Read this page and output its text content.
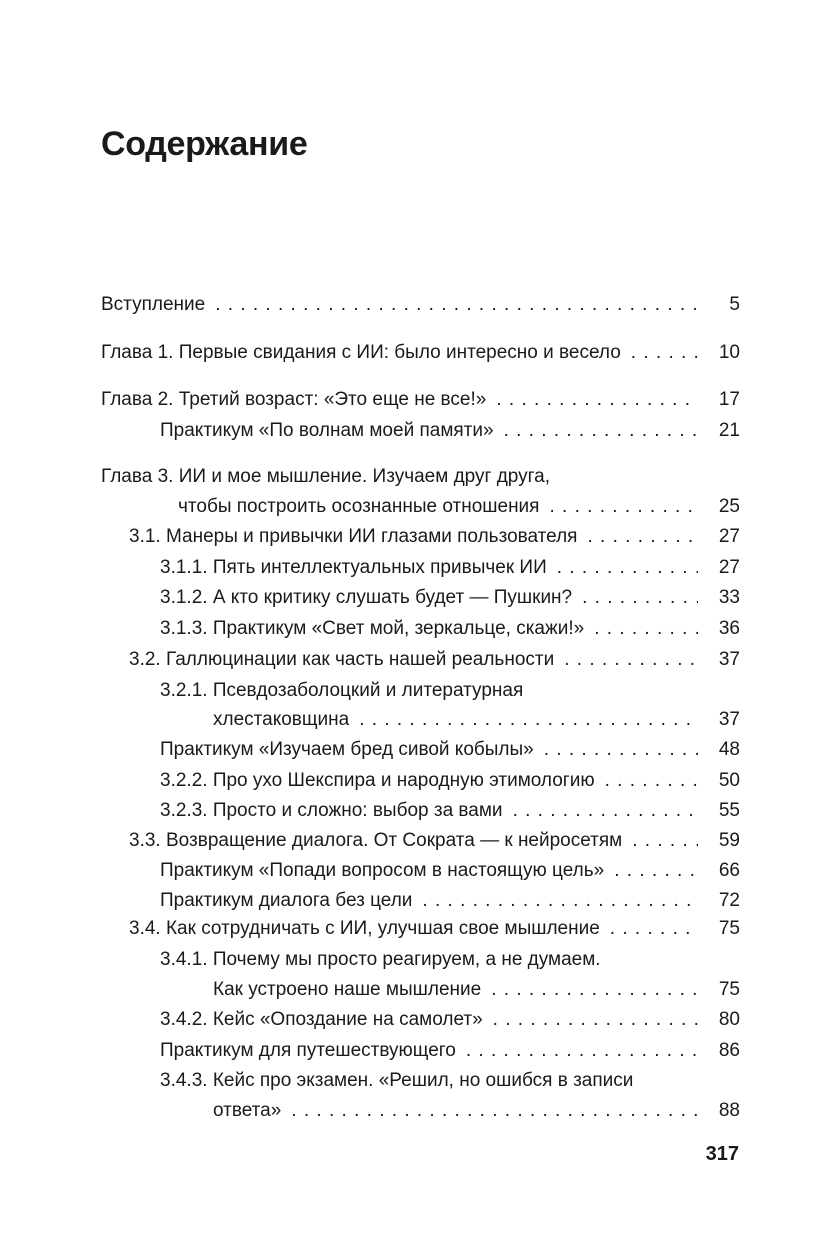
Содержание
Вступление . . .	5
Глава 1. Первые свидания с ИИ: было интересно и весело . . .	10
Глава 2. Третий возраст: «Это еще не все!» . . .	17
Практикум «По волнам моей памяти» . . .	21
Глава 3. ИИ и мое мышление. Изучаем друг друга,
чтобы построить осознанные отношения . . .	25
3.1. Манеры и привычки ИИ глазами пользователя . . .	27
3.1.1. Пять интеллектуальных привычек ИИ . . .	27
3.1.2. А кто критику слушать будет — Пушкин? . . .	33
3.1.3. Практикум «Свет мой, зеркальце, скажи!» . . .	36
3.2. Галлюцинации как часть нашей реальности . . .	37
3.2.1. Псевдозаболоцкий и литературная
хлестаковщина . . .	37
Практикум «Изучаем бред сивой кобылы» . . .	48
3.2.2. Про ухо Шекспира и народную этимологию . . .	50
3.2.3. Просто и сложно: выбор за вами . . .	55
3.3. Возвращение диалога. От Сократа — к нейросетям . . .	59
Практикум «Попади вопросом в настоящую цель» . . .	66
Практикум диалога без цели . . .	72
3.4. Как сотрудничать с ИИ, улучшая свое мышление . . .	75
3.4.1. Почему мы просто реагируем, а не думаем.
Как устроено наше мышление . . .	75
3.4.2. Кейс «Опоздание на самолет» . . .	80
Практикум для путешествующего . . .	86
3.4.3. Кейс про экзамен. «Решил, но ошибся в записи
ответа» . . .	88
317
